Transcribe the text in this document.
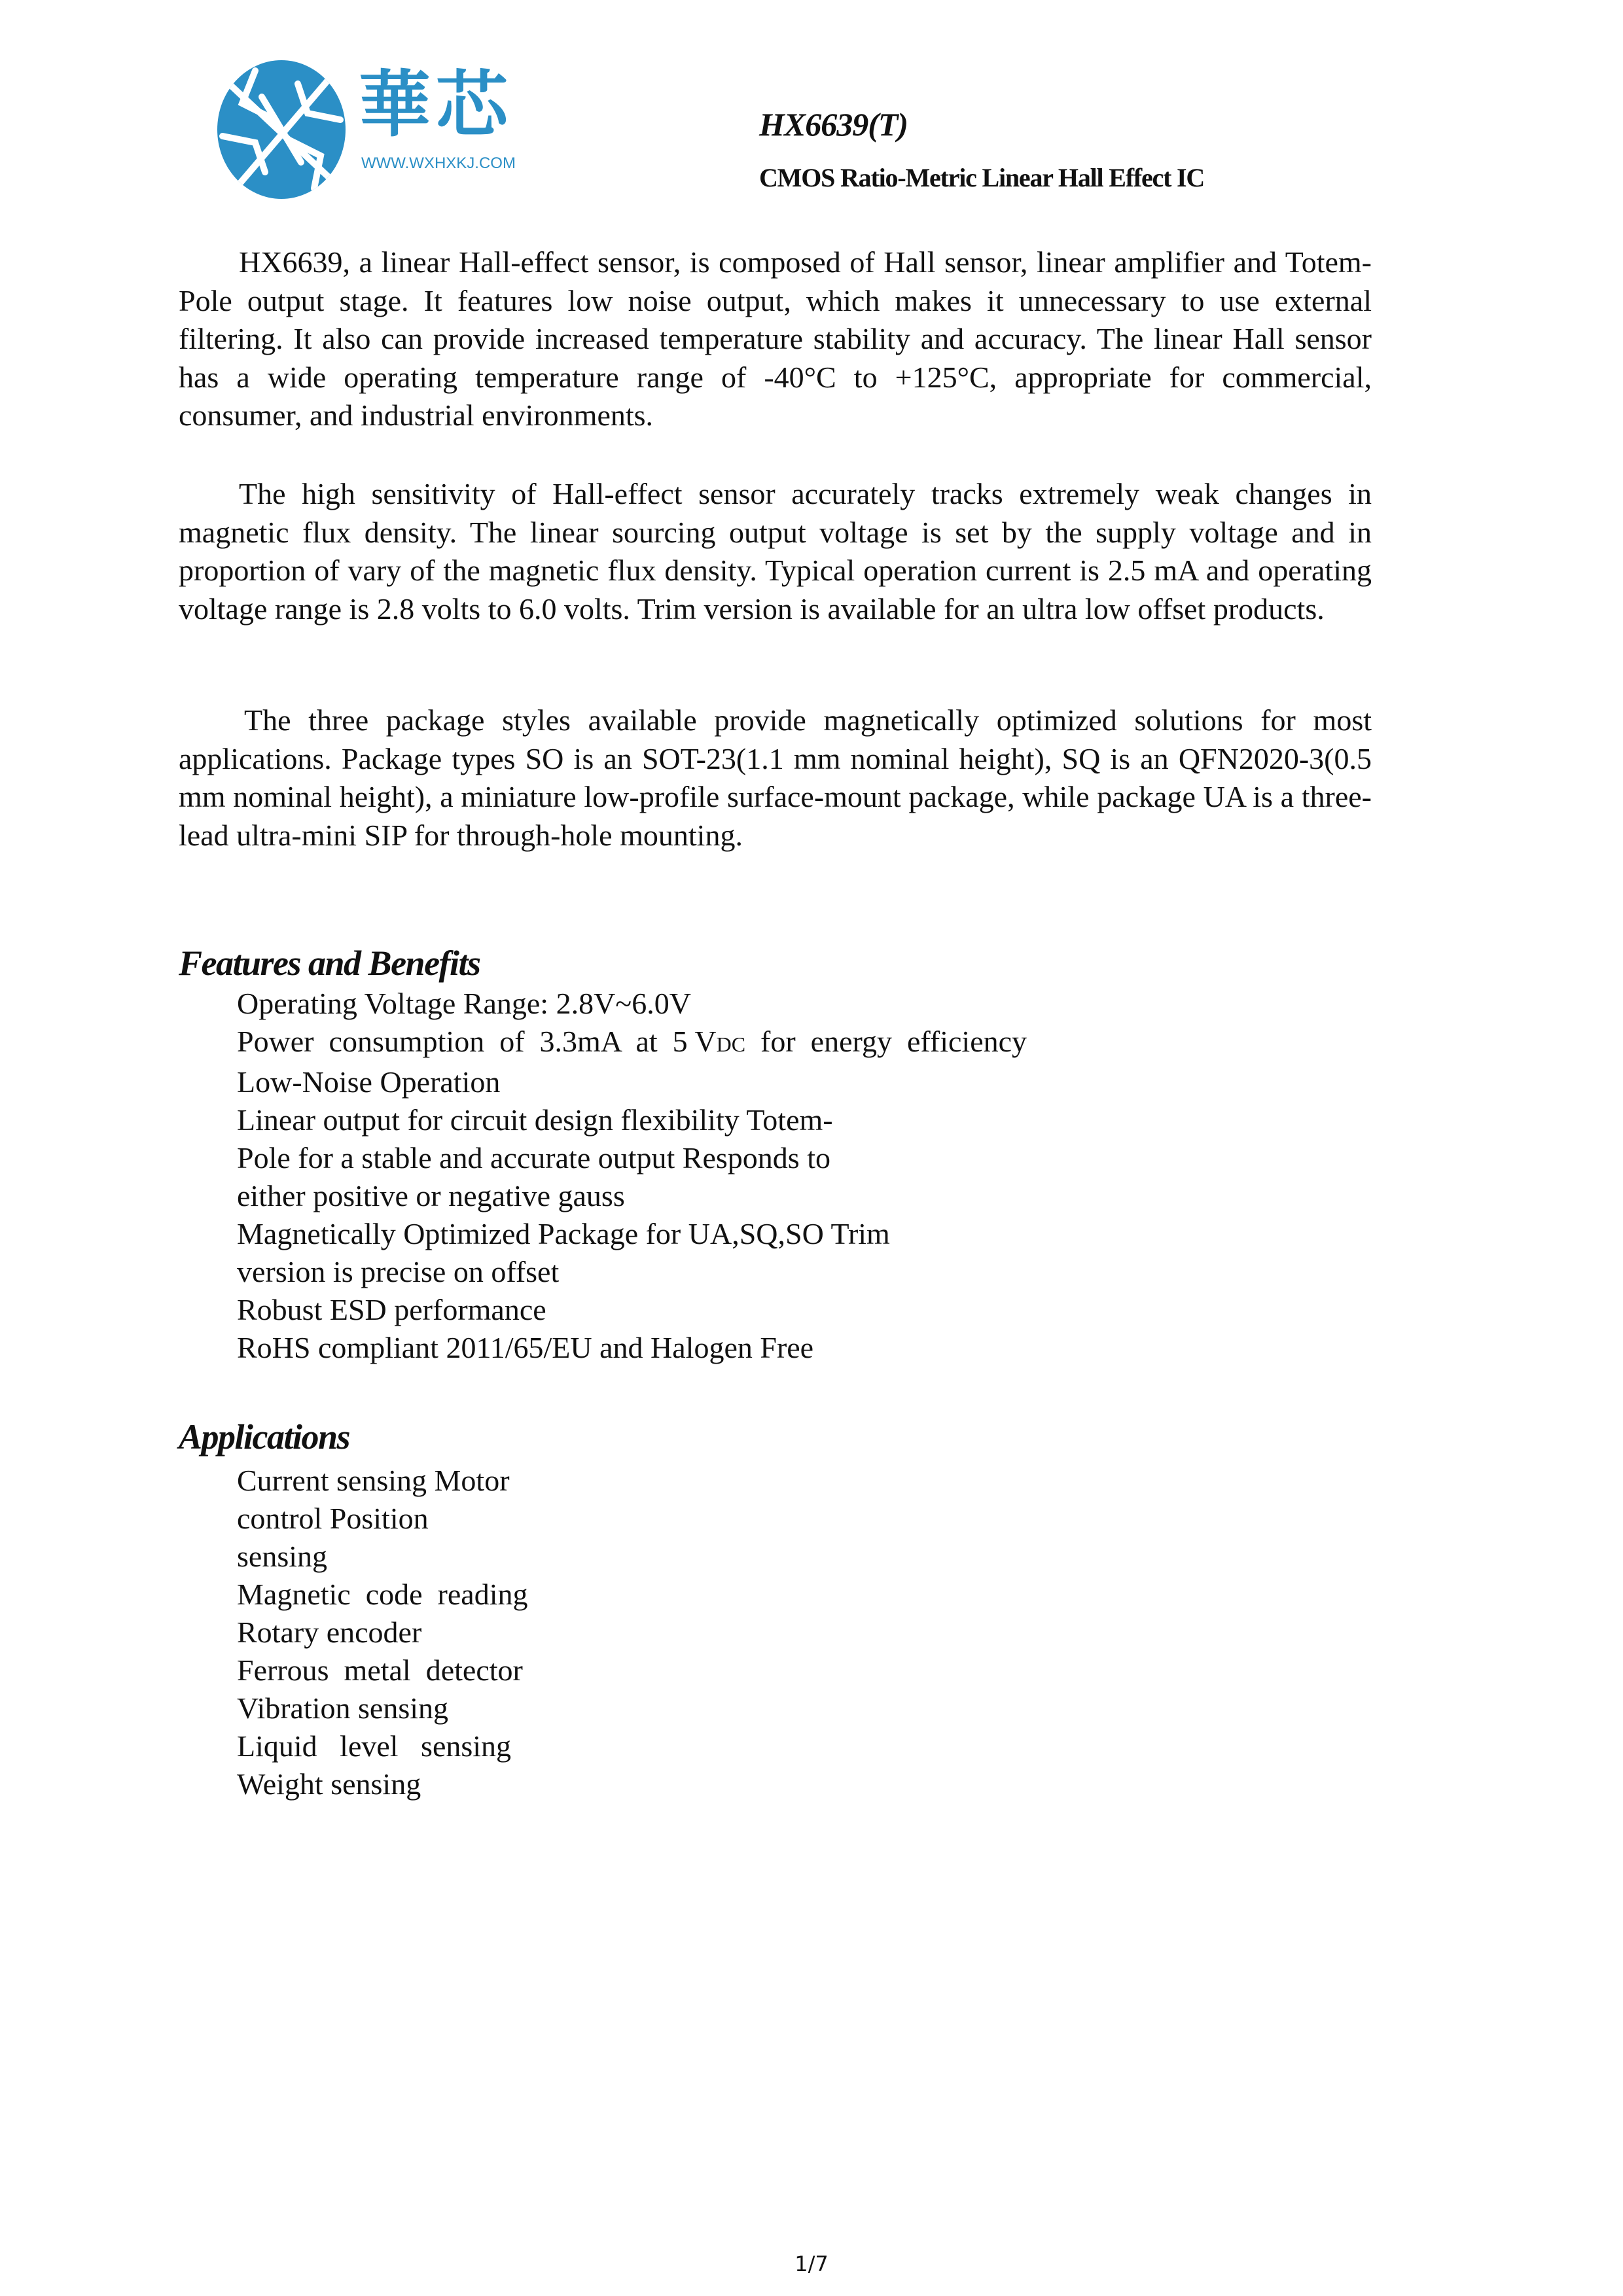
華芯
WWW.WXHXKJ.COM
HX6639(T)
CMOS Ratio-Metric Linear Hall Effect IC

HX6639, a linear Hall-effect sensor, is composed of Hall sensor, linear amplifier and Totem-Pole output stage. It features low noise output, which makes it unnecessary to use external filtering. It also can provide increased temperature stability and accuracy. The linear Hall sensor has a wide operating temperature range of -40°C to +125°C, appropriate for commercial, consumer, and industrial environments.

The high sensitivity of Hall-effect sensor accurately tracks extremely weak changes in magnetic flux density. The linear sourcing output voltage is set by the supply voltage and in proportion of vary of the magnetic flux density. Typical operation current is 2.5 mA and operating voltage range is 2.8 volts to 6.0 volts. Trim version is available for an ultra low offset products.

The three package styles available provide magnetically optimized solutions for most applications. Package types SO is an SOT-23(1.1 mm nominal height), SQ is an QFN2020-3(0.5 mm nominal height), a miniature low-profile surface-mount package, while package UA is a three-lead ultra-mini SIP for through-hole mounting.

Features and Benefits
Operating Voltage Range: 2.8V~6.0V
Power  consumption  of  3.3mA  at  5 VDC  for  energy  efficiency
Low-Noise Operation
Linear output for circuit design flexibility Totem-
Pole for a stable and accurate output Responds to
either positive or negative gauss
Magnetically Optimized Package for UA,SQ,SO Trim
version is precise on offset
Robust ESD performance
RoHS compliant 2011/65/EU and Halogen Free
Applications
Current sensing Motor
control Position
sensing
Magnetic  code  reading
Rotary encoder
Ferrous  metal  detector
Vibration sensing
Liquid   level   sensing
Weight sensing
1/7
